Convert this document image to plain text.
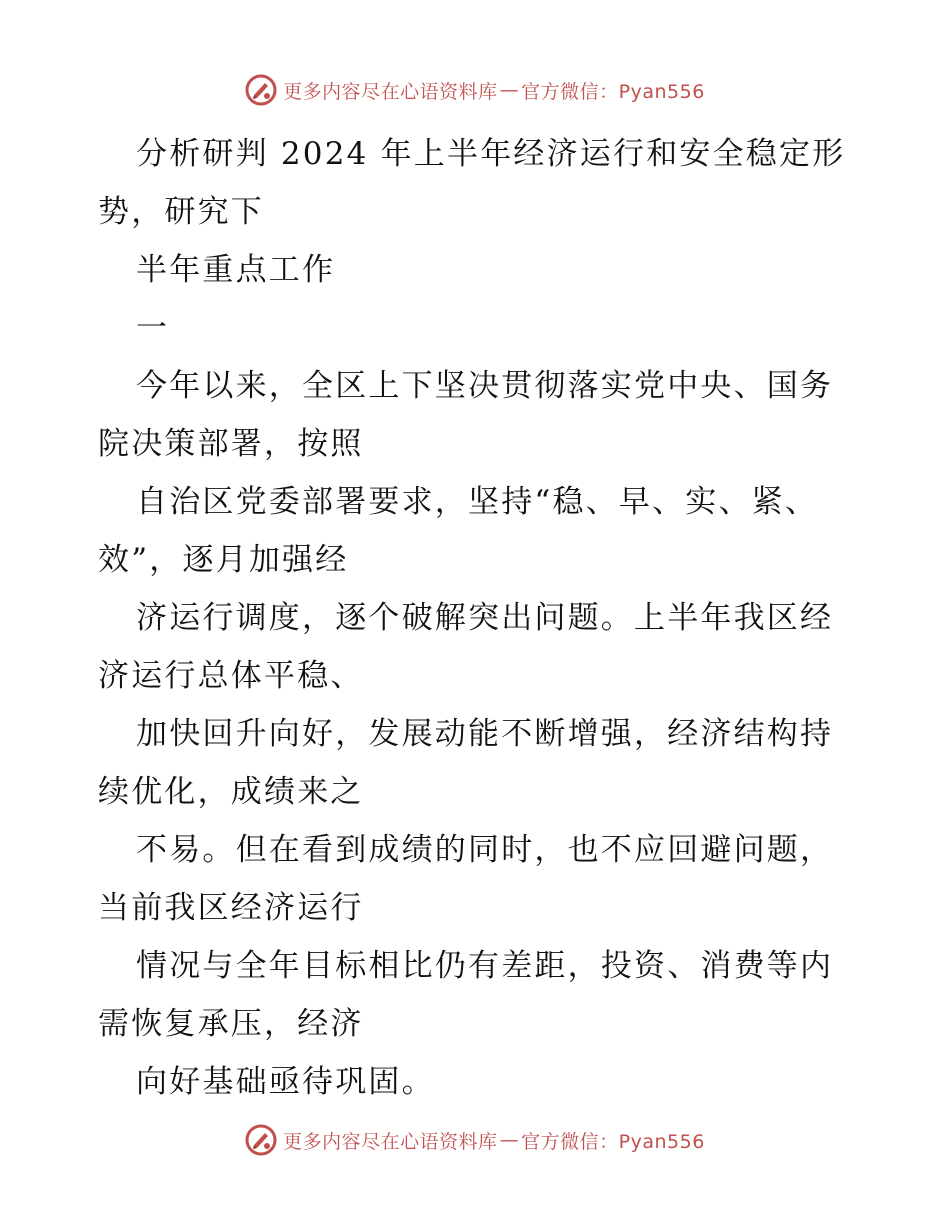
更多内容尽在心语资料库 — 官方微信：Pyan556
分析研判 2024 年上半年经济运行和安全稳定形
势，研究下
半年重点工作
一
今年以来，全区上下坚决贯彻落实党中央、国务
院决策部署，按照
自治区党委部署要求，坚持“稳、早、实、紧、
效”，逐月加强经
济运行调度，逐个破解突出问题。上半年我区经
济运行总体平稳、
加快回升向好，发展动能不断增强，经济结构持
续优化，成绩来之
不易。但在看到成绩的同时，也不应回避问题，
当前我区经济运行
情况与全年目标相比仍有差距，投资、消费等内
需恢复承压，经济
向好基础亟待巩固。
更多内容尽在心语资料库 — 官方微信：Pyan556
